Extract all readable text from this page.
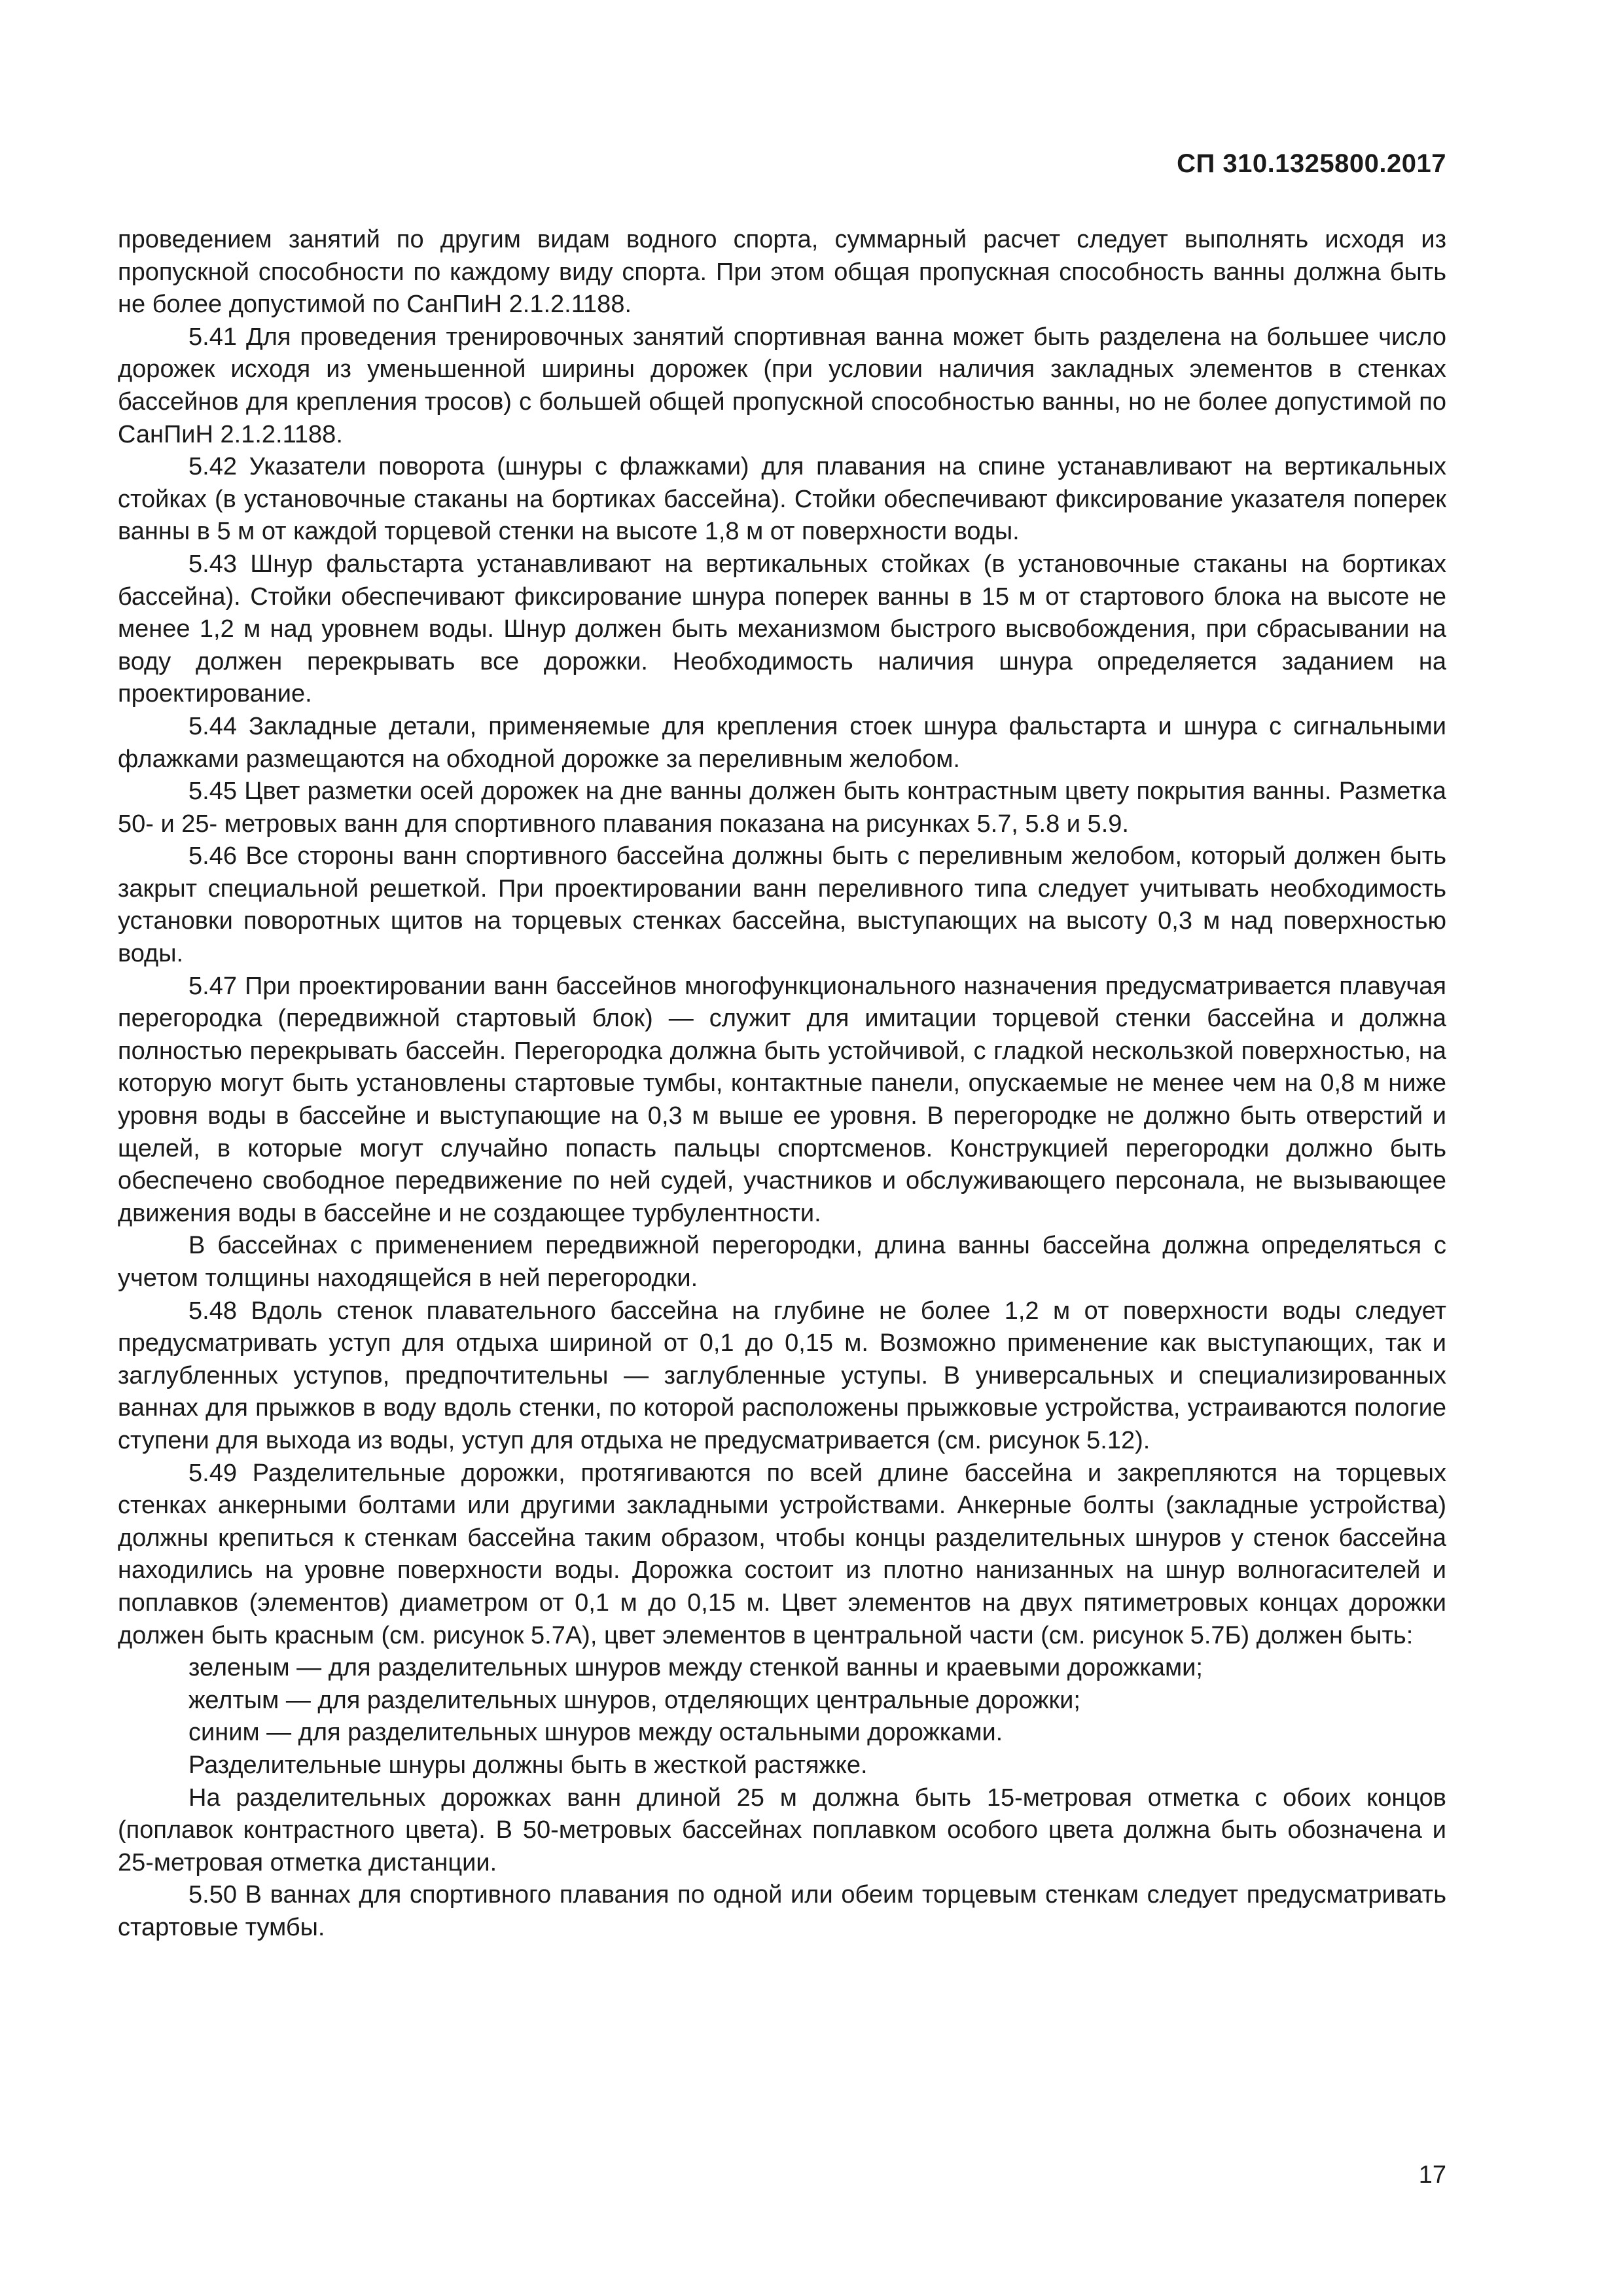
СП 310.1325800.2017

проведением занятий по другим видам водного спорта, суммарный расчет следует выполнять исходя из пропускной способности по каждому виду спорта. При этом общая пропускная способность ванны должна быть не более допустимой по СанПиН 2.1.2.1188.

5.41 Для проведения тренировочных занятий спортивная ванна может быть разделена на большее число дорожек исходя из уменьшенной ширины дорожек (при условии наличия закладных элементов в стенках бассейнов для крепления тросов) с большей общей пропускной способностью ванны, но не более допустимой по СанПиН 2.1.2.1188.

5.42 Указатели поворота (шнуры с флажками) для плавания на спине устанавливают на вертикальных стойках (в установочные стаканы на бортиках бассейна). Стойки обеспечивают фиксирование указателя поперек ванны в 5 м от каждой торцевой стенки на высоте 1,8 м от поверхности воды.

5.43 Шнур фальстарта устанавливают на вертикальных стойках (в установочные стаканы на бортиках бассейна). Стойки обеспечивают фиксирование шнура поперек ванны в 15 м от стартового блока на высоте не менее 1,2 м над уровнем воды. Шнур должен быть механизмом быстрого высвобождения, при сбрасывании на воду должен перекрывать все дорожки. Необходимость наличия шнура определяется заданием на проектирование.

5.44 Закладные детали, применяемые для крепления стоек шнура фальстарта и шнура с сигнальными флажками размещаются на обходной дорожке за переливным желобом.

5.45 Цвет разметки осей дорожек на дне ванны должен быть контрастным цвету покрытия ванны. Разметка 50- и 25- метровых ванн для спортивного плавания показана на рисунках 5.7, 5.8 и 5.9.

5.46 Все стороны ванн спортивного бассейна должны быть с переливным желобом, который должен быть закрыт специальной решеткой. При проектировании ванн переливного типа следует учитывать необходимость установки поворотных щитов на торцевых стенках бассейна, выступающих на высоту 0,3 м над поверхностью воды.

5.47 При проектировании ванн бассейнов многофункционального назначения предусматривается плавучая перегородка (передвижной стартовый блок) — служит для имитации торцевой стенки бассейна и должна полностью перекрывать бассейн. Перегородка должна быть устойчивой, с гладкой нескользкой поверхностью, на которую могут быть установлены стартовые тумбы, контактные панели, опускаемые не менее чем на 0,8 м ниже уровня воды в бассейне и выступающие на 0,3 м выше ее уровня. В перегородке не должно быть отверстий и щелей, в которые могут случайно попасть пальцы спортсменов. Конструкцией перегородки должно быть обеспечено свободное передвижение по ней судей, участников и обслуживающего персонала, не вызывающее движения воды в бассейне и не создающее турбулентности.

В бассейнах с применением передвижной перегородки, длина ванны бассейна должна определяться с учетом толщины находящейся в ней перегородки.

5.48 Вдоль стенок плавательного бассейна на глубине не более 1,2 м от поверхности воды следует предусматривать уступ для отдыха шириной от 0,1 до 0,15 м. Возможно применение как выступающих, так и заглубленных уступов, предпочтительны — заглубленные уступы. В универсальных и специализированных ваннах для прыжков в воду вдоль стенки, по которой расположены прыжковые устройства, устраиваются пологие ступени для выхода из воды, уступ для отдыха не предусматривается (см. рисунок 5.12).

5.49 Разделительные дорожки, протягиваются по всей длине бассейна и закрепляются на торцевых стенках анкерными болтами или другими закладными устройствами. Анкерные болты (закладные устройства) должны крепиться к стенкам бассейна таким образом, чтобы концы разделительных шнуров у стенок бассейна находились на уровне поверхности воды. Дорожка состоит из плотно нанизанных на шнур волногасителей и поплавков (элементов) диаметром от 0,1 м до 0,15 м. Цвет элементов на двух пятиметровых концах дорожки должен быть красным (см. рисунок 5.7А), цвет элементов в центральной части (см. рисунок 5.7Б) должен быть:

зеленым — для разделительных шнуров между стенкой ванны и краевыми дорожками;

желтым — для разделительных шнуров, отделяющих центральные дорожки;

синим — для разделительных шнуров между остальными дорожками.

Разделительные шнуры должны быть в жесткой растяжке.

На разделительных дорожках ванн длиной 25 м должна быть 15-метровая отметка с обоих концов (поплавок контрастного цвета). В 50-метровых бассейнах поплавком особого цвета должна быть обозначена и 25-метровая отметка дистанции.

5.50 В ваннах для спортивного плавания по одной или обеим торцевым стенкам следует предусматривать стартовые тумбы.

17
